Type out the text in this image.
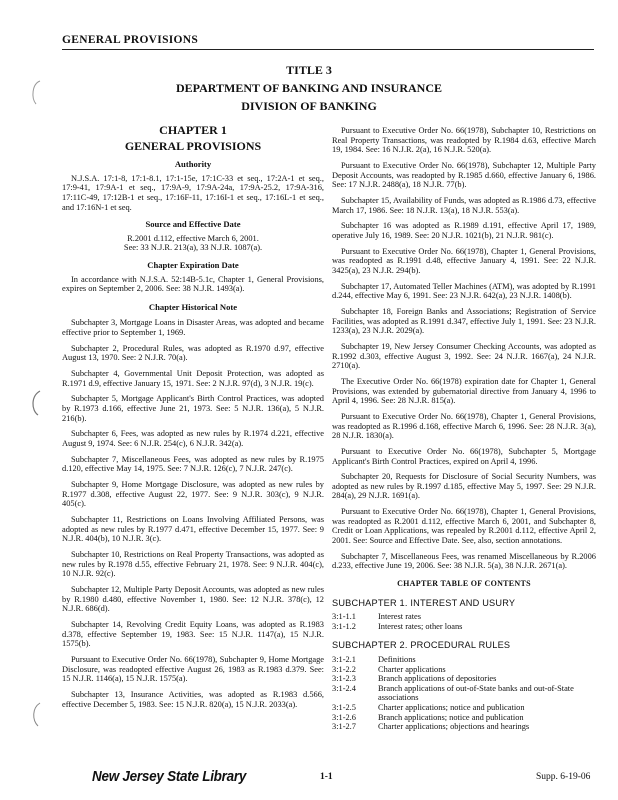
GENERAL PROVISIONS
TITLE 3
DEPARTMENT OF BANKING AND INSURANCE
DIVISION OF BANKING
CHAPTER 1
GENERAL PROVISIONS
Authority

N.J.S.A. 17:1-8, 17:1-8.1, 17:1-15e, 17:1C-33 et seq., 17:2A-1 et seq., 17:9-41, 17:9A-1 et seq., 17:9A-9, 17:9A-24a, 17:9A-25.2, 17:9A-316, 17:11C-49, 17:12B-1 et seq., 17:16F-11, 17:16I-1 et seq., 17:16L-1 et seq., and 17:16N-1 et seq.

Source and Effective Date

R.2001 d.112, effective March 6, 2001.

See: 33 N.J.R. 213(a), 33 N.J.R. 1087(a).

Chapter Expiration Date

In accordance with N.J.S.A. 52:14B-5.1c, Chapter 1, General Provisions, expires on September 2, 2006. See: 38 N.J.R. 1493(a).

Chapter Historical Note

Subchapter 3, Mortgage Loans in Disaster Areas, was adopted and became effective prior to September 1, 1969.

Subchapter 2, Procedural Rules, was adopted as R.1970 d.97, effective August 13, 1970. See: 2 N.J.R. 70(a).

Subchapter 4, Governmental Unit Deposit Protection, was adopted as R.1971 d.9, effective January 15, 1971. See: 2 N.J.R. 97(d), 3 N.J.R. 19(c).

Subchapter 5, Mortgage Applicant's Birth Control Practices, was adopted by R.1973 d.166, effective June 21, 1973. See: 5 N.J.R. 136(a), 5 N.J.R. 216(b).

Subchapter 6, Fees, was adopted as new rules by R.1974 d.221, effective August 9, 1974. See: 6 N.J.R. 254(c), 6 N.J.R. 342(a).

Subchapter 7, Miscellaneous Fees, was adopted as new rules by R.1975 d.120, effective May 14, 1975. See: 7 N.J.R. 126(c), 7 N.J.R. 247(c).

Subchapter 9, Home Mortgage Disclosure, was adopted as new rules by R.1977 d.308, effective August 22, 1977. See: 9 N.J.R. 303(c), 9 N.J.R. 405(c).

Subchapter 11, Restrictions on Loans Involving Affiliated Persons, was adopted as new rules by R.1977 d.471, effective December 15, 1977. See: 9 N.J.R. 404(b), 10 N.J.R. 3(c).

Subchapter 10, Restrictions on Real Property Transactions, was adopted as new rules by R.1978 d.55, effective February 21, 1978. See: 9 N.J.R. 404(c), 10 N.J.R. 92(c).

Subchapter 12, Multiple Party Deposit Accounts, was adopted as new rules by R.1980 d.480, effective November 1, 1980. See: 12 N.J.R. 378(c), 12 N.J.R. 686(d).

Subchapter 14, Revolving Credit Equity Loans, was adopted as R.1983 d.378, effective September 19, 1983. See: 15 N.J.R. 1147(a), 15 N.J.R. 1575(b).

Pursuant to Executive Order No. 66(1978), Subchapter 9, Home Mortgage Disclosure, was readopted effective August 26, 1983 as R.1983 d.379. See: 15 N.J.R. 1146(a), 15 N.J.R. 1575(a).

Subchapter 13, Insurance Activities, was adopted as R.1983 d.566, effective December 5, 1983. See: 15 N.J.R. 820(a), 15 N.J.R. 2033(a).

Pursuant to Executive Order No. 66(1978), Subchapter 10, Restrictions on Real Property Transactions, was readopted by R.1984 d.63, effective March 19, 1984. See: 16 N.J.R. 2(a), 16 N.J.R. 520(a).

Pursuant to Executive Order No. 66(1978), Subchapter 12, Multiple Party Deposit Accounts, was readopted by R.1985 d.660, effective January 6, 1986. See: 17 N.J.R. 2488(a), 18 N.J.R. 77(b).

Subchapter 15, Availability of Funds, was adopted as R.1986 d.73, effective March 17, 1986. See: 18 N.J.R. 13(a), 18 N.J.R. 553(a).

Subchapter 16 was adopted as R.1989 d.191, effective April 17, 1989, operative July 16, 1989. See: 20 N.J.R. 1021(b), 21 N.J.R. 981(c).

Pursuant to Executive Order No. 66(1978), Chapter 1, General Provisions, was readopted as R.1991 d.48, effective January 4, 1991. See: 22 N.J.R. 3425(a), 23 N.J.R. 294(b).

Subchapter 17, Automated Teller Machines (ATM), was adopted by R.1991 d.244, effective May 6, 1991. See: 23 N.J.R. 642(a), 23 N.J.R. 1408(b).

Subchapter 18, Foreign Banks and Associations; Registration of Service Facilities, was adopted as R.1991 d.347, effective July 1, 1991. See: 23 N.J.R. 1233(a), 23 N.J.R. 2029(a).

Subchapter 19, New Jersey Consumer Checking Accounts, was adopted as R.1992 d.303, effective August 3, 1992. See: 24 N.J.R. 1667(a), 24 N.J.R. 2710(a).

The Executive Order No. 66(1978) expiration date for Chapter 1, General Provisions, was extended by gubernatorial directive from January 4, 1996 to April 4, 1996. See: 28 N.J.R. 815(a).

Pursuant to Executive Order No. 66(1978), Chapter 1, General Provisions, was readopted as R.1996 d.168, effective March 6, 1996. See: 28 N.J.R. 3(a), 28 N.J.R. 1830(a).

Pursuant to Executive Order No. 66(1978), Subchapter 5, Mortgage Applicant's Birth Control Practices, expired on April 4, 1996.

Subchapter 20, Requests for Disclosure of Social Security Numbers, was adopted as new rules by R.1997 d.185, effective May 5, 1997. See: 29 N.J.R. 284(a), 29 N.J.R. 1691(a).

Pursuant to Executive Order No. 66(1978), Chapter 1, General Provisions, was readopted as R.2001 d.112, effective March 6, 2001, and Subchapter 8, Credit or Loan Applications, was repealed by R.2001 d.112, effective April 2, 2001. See: Source and Effective Date. See, also, section annotations.

Subchapter 7, Miscellaneous Fees, was renamed Miscellaneous by R.2006 d.233, effective June 19, 2006. See: 38 N.J.R. 5(a), 38 N.J.R. 2671(a).

CHAPTER TABLE OF CONTENTS
SUBCHAPTER 1. INTEREST AND USURY
3:1-1.1	Interest rates
3:1-1.2	Interest rates; other loans
SUBCHAPTER 2. PROCEDURAL RULES
3:1-2.1	Definitions
3:1-2.2	Charter applications
3:1-2.3	Branch applications of depositories
3:1-2.4	Branch applications of out-of-State banks and out-of-State associations
3:1-2.5	Charter applications; notice and publication
3:1-2.6	Branch applications; notice and publication
3:1-2.7	Charter applications; objections and hearings
New Jersey State Library	1-1	Supp. 6-19-06
